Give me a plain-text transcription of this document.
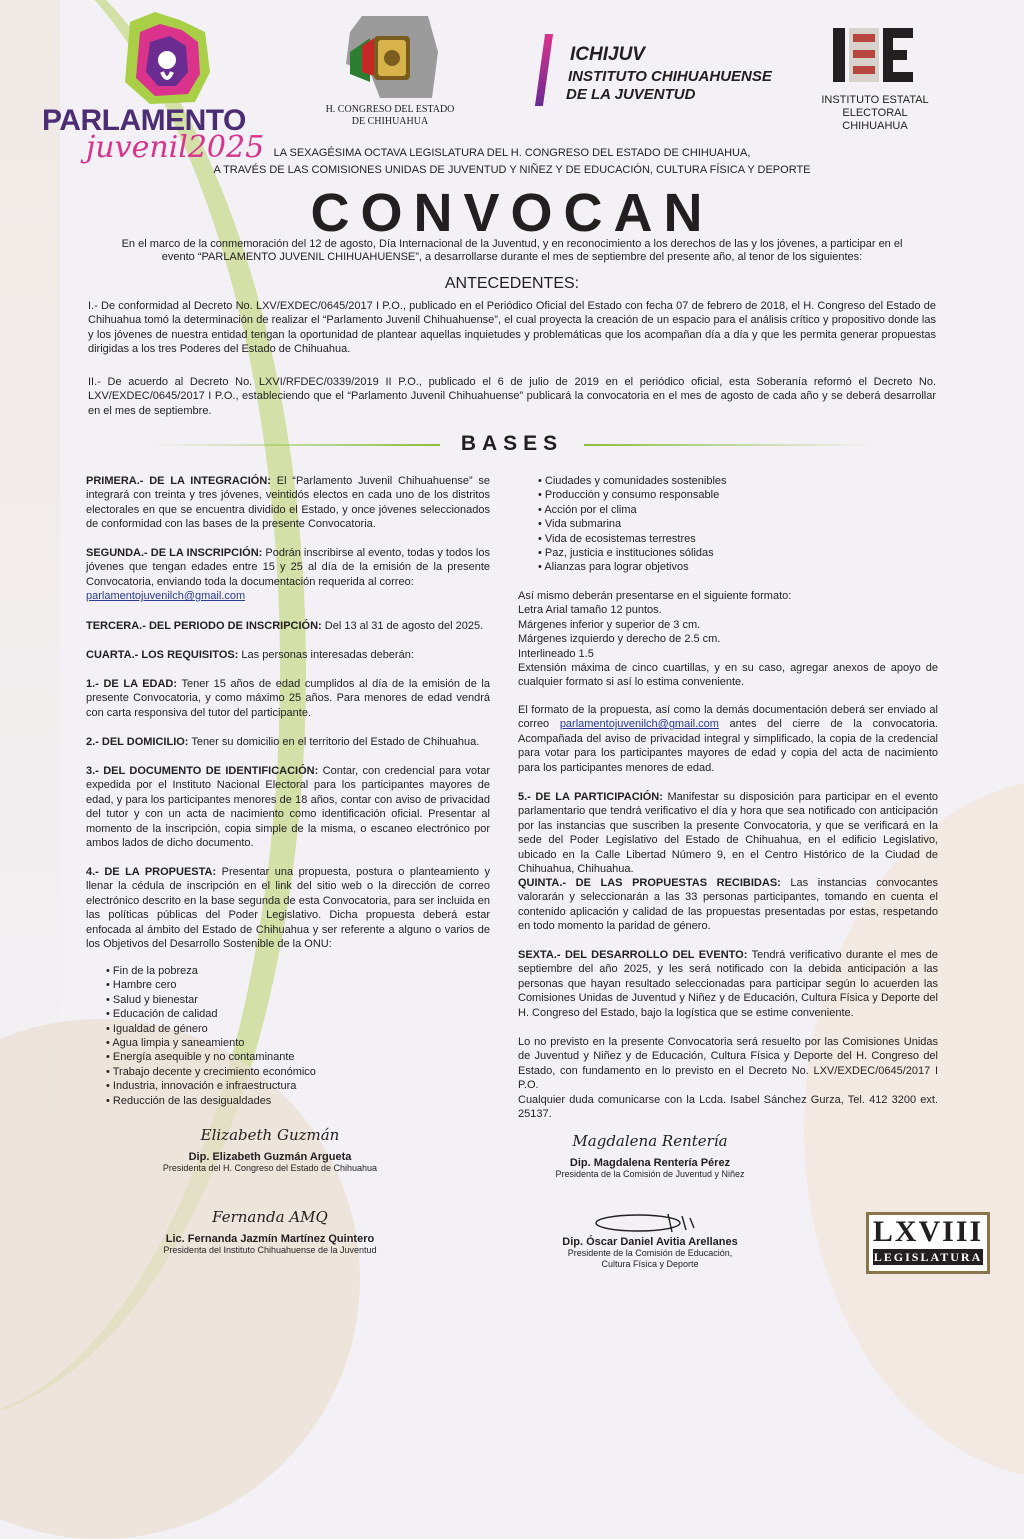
PARLAMENTO
juvenil2025
H. CONGRESO DEL ESTADO
DE CHIHUAHUA
ICHIJUV
INSTITUTO CHIHUAHUENSE
DE LA JUVENTUD	INSTITUTO ESTATAL ELECTORAL
CHIHUAHUA
LA SEXAGÉSIMA OCTAVA LEGISLATURA DEL H. CONGRESO DEL ESTADO DE CHIHUAHUA,
A TRAVÉS DE LAS COMISIONES UNIDAS DE JUVENTUD Y NIÑEZ Y DE EDUCACIÓN, CULTURA FÍSICA Y DEPORTE
CONVOCAN
En el marco de la conmemoración del 12 de agosto, Día Internacional de la Juventud, y en reconocimiento a los derechos de las y los jóvenes, a participar en el evento “PARLAMENTO JUVENIL CHIHUAHUENSE”, a desarrollarse durante el mes de septiembre del presente año, al tenor de los siguientes:
ANTECEDENTES:
I.- De conformidad al Decreto No. LXV/EXDEC/0645/2017 I P.O., publicado en el Periódico Oficial del Estado con fecha 07 de febrero de 2018, el H. Congreso del Estado de Chihuahua tomó la determinación de realizar el “Parlamento Juvenil Chihuahuense”, el cual proyecta la creación de un espacio para el análisis crítico y propositivo donde las y los jóvenes de nuestra entidad tengan la oportunidad de plantear aquellas inquietudes y problemáticas que los acompañan día a día y que les permita generar propuestas dirigidas a los tres Poderes del Estado de Chihuahua.
II.- De acuerdo al Decreto No. LXVI/RFDEC/0339/2019 II P.O., publicado el 6 de julio de 2019 en el periódico oficial, esta Soberanía reformó el Decreto No. LXV/EXDEC/0645/2017 I P.O., estableciendo que el “Parlamento Juvenil Chihuahuense” publicará la convocatoria en el mes de agosto de cada año y se deberá desarrollar en el mes de septiembre.
BASES
PRIMERA.- DE LA INTEGRACIÓN: El “Parlamento Juvenil Chihuahuense” se integrará con treinta y tres jóvenes, veintidós electos en cada uno de los distritos electorales en que se encuentra dividido el Estado, y once jóvenes seleccionados de conformidad con las bases de la presente Convocatoria.
SEGUNDA.- DE LA INSCRIPCIÓN: Podrán inscribirse al evento, todas y todos los jóvenes que tengan edades entre 15 y 25 al día de la emisión de la presente Convocatoria, enviando toda la documentación requerida al correo:
parlamentojuvenilch@gmail.com
TERCERA.- DEL PERIODO DE INSCRIPCIÓN: Del 13 al 31 de agosto del 2025.
CUARTA.- LOS REQUISITOS: Las personas interesadas deberán:
1.- DE LA EDAD: Tener 15 años de edad cumplidos al día de la emisión de la presente Convocatoria, y como máximo 25 años. Para menores de edad vendrá con carta responsiva del tutor del participante.
2.- DEL DOMICILIO: Tener su domicilio en el territorio del Estado de Chihuahua.
3.- DEL DOCUMENTO DE IDENTIFICACIÓN: Contar, con credencial para votar expedida por el Instituto Nacional Electoral para los participantes mayores de edad, y para los participantes menores de 18 años, contar con aviso de privacidad del tutor y con un acta de nacimiento como identificación oficial. Presentar al momento de la inscripción, copia simple de la misma, o escaneo electrónico por ambos lados de dicho documento.
4.- DE LA PROPUESTA: Presentar una propuesta, postura o planteamiento y llenar la cédula de inscripción en el link del sitio web o la dirección de correo electrónico descrito en la base segunda de esta Convocatoria, para ser incluida en las políticas públicas del Poder Legislativo. Dicha propuesta deberá estar enfocada al ámbito del Estado de Chihuahua y ser referente a alguno o varios de los Objetivos del Desarrollo Sostenible de la ONU:
• Fin de la pobreza
• Hambre cero
• Salud y bienestar
• Educación de calidad
• Igualdad de género
• Agua limpia y saneamiento
• Energía asequible y no contaminante
• Trabajo decente y crecimiento económico
• Industria, innovación e infraestructura
• Reducción de las desigualdades
• Ciudades y comunidades sostenibles
• Producción y consumo responsable
• Acción por el clima
• Vida submarina
• Vida de ecosistemas terrestres
• Paz, justicia e instituciones sólidas
• Alianzas para lograr objetivos
Así mismo deberán presentarse en el siguiente formato:
Letra Arial tamaño 12 puntos.
Márgenes inferior y superior de 3 cm.
Márgenes izquierdo y derecho de 2.5 cm.
Interlineado 1.5
Extensión máxima de cinco cuartillas, y en su caso, agregar anexos de apoyo de cualquier formato si así lo estima conveniente.
El formato de la propuesta, así como la demás documentación deberá ser enviado al correo parlamentojuvenilch@gmail.com antes del cierre de la convocatoria. Acompañada del aviso de privacidad integral y simplificado, la copia de la credencial para votar para los participantes mayores de edad y copia del acta de nacimiento para los participantes menores de edad.
5.- DE LA PARTICIPACIÓN: Manifestar su disposición para participar en el evento parlamentario que tendrá verificativo el día y hora que sea notificado con anticipación por las instancias que suscriben la presente Convocatoria, y que se verificará en la sede del Poder Legislativo del Estado de Chihuahua, en el edificio Legislativo, ubicado en la Calle Libertad Número 9, en el Centro Histórico de la Ciudad de Chihuahua, Chihuahua.
QUINTA.- DE LAS PROPUESTAS RECIBIDAS: Las instancias convocantes valorarán y seleccionarán a las 33 personas participantes, tomando en cuenta el contenido aplicación y calidad de las propuestas presentadas por estas, respetando en todo momento la paridad de género.
SEXTA.- DEL DESARROLLO DEL EVENTO: Tendrá verificativo durante el mes de septiembre del año 2025, y les será notificado con la debida anticipación a las personas que hayan resultado seleccionadas para participar según lo acuerden las Comisiones Unidas de Juventud y Niñez y de Educación, Cultura Física y Deporte del H. Congreso del Estado, bajo la logística que se estime conveniente.
Lo no previsto en la presente Convocatoria será resuelto por las Comisiones Unidas de Juventud y Niñez y de Educación, Cultura Física y Deporte del H. Congreso del Estado, con fundamento en lo previsto en el Decreto No. LXV/EXDEC/0645/2017 I P.O.
Cualquier duda comunicarse con la Lcda. Isabel Sánchez Gurza, Tel. 412 3200 ext. 25137.
Elizabeth Guzmán
Dip. Elizabeth Guzmán Argueta
Presidenta del H. Congreso del Estado de Chihuahua
Magdalena Rentería
Dip. Magdalena Rentería Pérez
Presidenta de la Comisión de Juventud y Niñez
Fernanda AMQ
Lic. Fernanda Jazmín Martínez Quintero
Presidenta del Instituto Chihuahuense de la Juventud
Dip. Óscar Daniel Avitia Arellanes
Presidente de la Comisión de Educación,
Cultura Física y Deporte
LXVIII
LEGISLATURA
